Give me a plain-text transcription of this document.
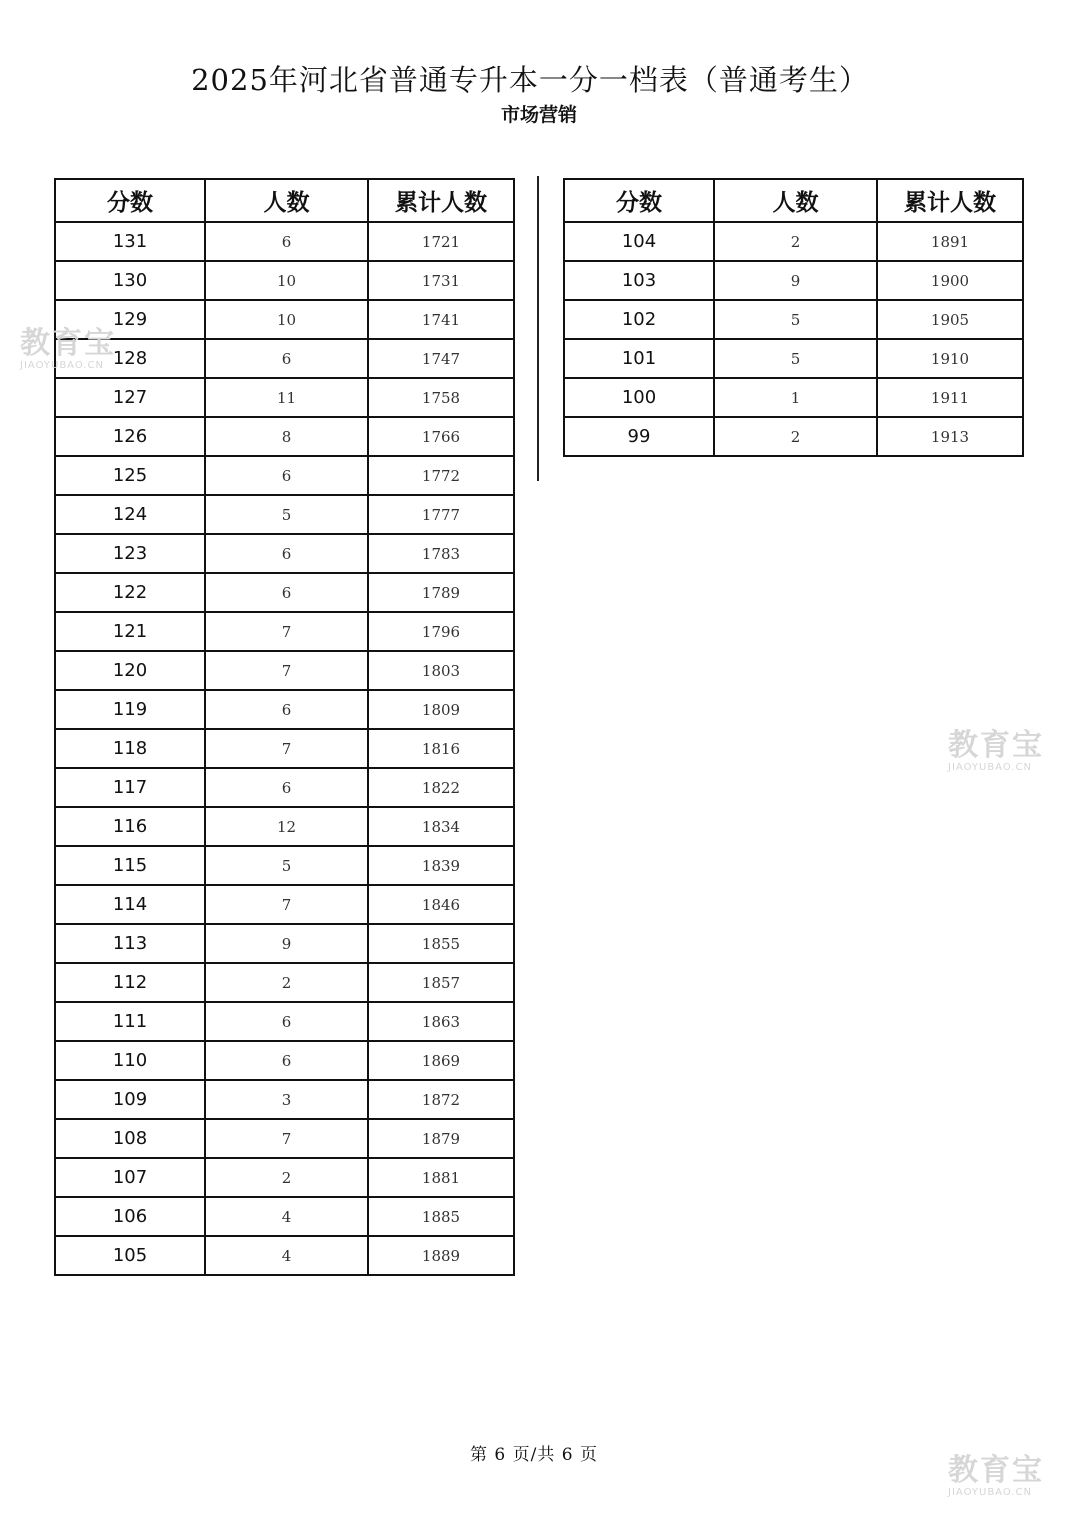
2025年河北省普通专升本一分一档表（普通考生）
市场营销
分数	人数	累计人数
131	6	1721
130	10	1731
129	10	1741
128	6	1747
127	11	1758
126	8	1766
125	6	1772
124	5	1777
123	6	1783
122	6	1789
121	7	1796
120	7	1803
119	6	1809
118	7	1816
117	6	1822
116	12	1834
115	5	1839
114	7	1846
113	9	1855
112	2	1857
111	6	1863
110	6	1869
109	3	1872
108	7	1879
107	2	1881
106	4	1885
105	4	1889
分数	人数	累计人数
104	2	1891
103	9	1900
102	5	1905
101	5	1910
100	1	1911
99	2	1913
第 6 页/共 6 页
教育宝
JIAOYUBAO.CN
教育宝
JIAOYUBAO.CN
教育宝
JIAOYUBAO.CN
